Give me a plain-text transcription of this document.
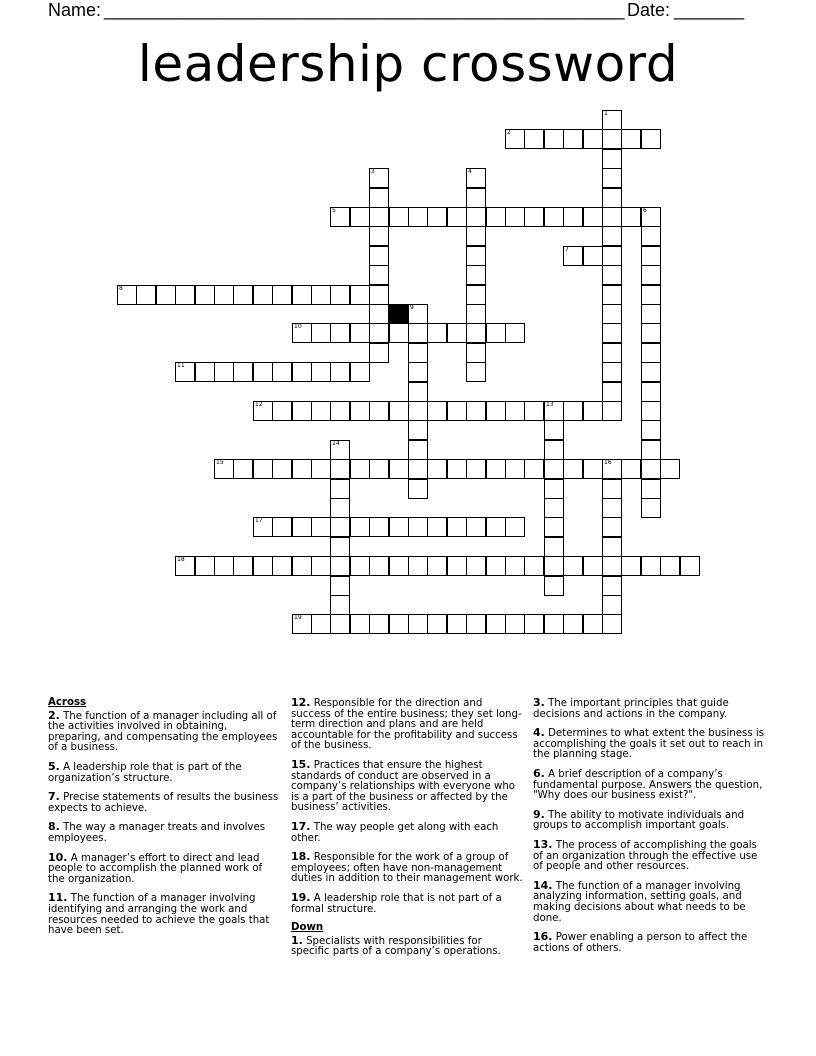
Name: ____________________________________________________ Date: _______
leadership crossword
2
5
7
8
10
11
12	13
15	16
17
18
19
1
3	4
6
9
14
Across
2. The function of a manager including all of the activities involved in obtaining, preparing, and compensating the employees of a business.
5. A leadership role that is part of the organization’s structure.
7. Precise statements of results the business expects to achieve.
8. The way a manager treats and involves employees.
10. A manager’s effort to direct and lead people to accomplish the planned work of the organization.
11. The function of a manager involving identifying and arranging the work and resources needed to achieve the goals that have been set.
12. Responsible for the direction and success of the entire business; they set long-term direction and plans and are held accountable for the profitability and success of the business.
15. Practices that ensure the highest standards of conduct are observed in a company’s relationships with everyone who is a part of the business or affected by the business’ activities.
17. The way people get along with each other.
18. Responsible for the work of a group of employees; often have non-management duties in addition to their management work.
19. A leadership role that is not part of a formal structure.
Down
1. Specialists with responsibilities for specific parts of a company’s operations.
3. The important principles that guide decisions and actions in the company.
4. Determines to what extent the business is accomplishing the goals it set out to reach in the planning stage.
6. A brief description of a company’s fundamental purpose. Answers the question, "Why does our business exist?".
9. The ability to motivate individuals and groups to accomplish important goals.
13. The process of accomplishing the goals of an organization through the effective use of people and other resources.
14. The function of a manager involving analyzing information, setting goals, and making decisions about what needs to be done.
16. Power enabling a person to affect the actions of others.
